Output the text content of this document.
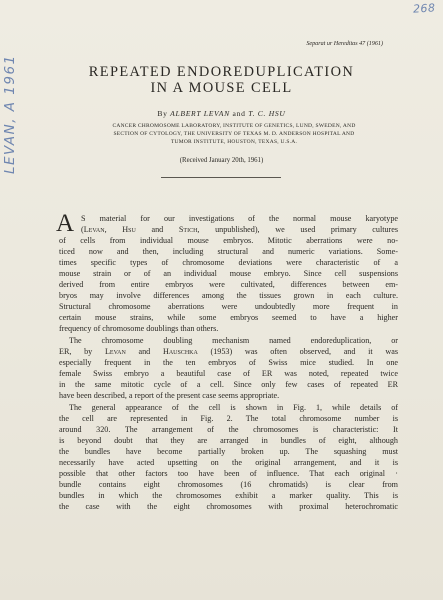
LEVAN, A 1961
268
Separat ur Hereditas 47 (1961)
REPEATED ENDOREDUPLICATION
IN A MOUSE CELL
By ALBERT LEVAN and T. C. HSU
CANCER CHROMOSOME LABORATORY, INSTITUTE OF GENETICS, LUND, SWEDEN, AND
SECTION OF CYTOLOGY, THE UNIVERSITY OF TEXAS M. D. ANDERSON HOSPITAL AND
TUMOR INSTITUTE, HOUSTON, TEXAS, U.S.A.
(Received January 20th, 1961)
A S material for our investigations of the normal mouse karyotype
(Levan, Hsu and Stich, unpublished), we used primary cultures
of cells from individual mouse embryos. Mitotic aberrations were no-
ticed now and then, including structural and numeric variations. Some-
times specific types of chromosome deviations were characteristic of a
mouse strain or of an individual mouse embryo. Since cell suspensions
derived from entire embryos were cultivated, differences between em-
bryos may involve differences among the tissues grown in each culture.
Structural chromosome aberrations were undoubtedly more frequent in
certain mouse strains, while some embryos seemed to have a higher
frequency of chromosome doublings than others.
The chromosome doubling mechanism named endoreduplication, or
ER, by Levan and Hauschka (1953) was often observed, and it was
especially frequent in the ten embryos of Swiss mice studied. In one
female Swiss embryo a beautiful case of ER was noted, repeated twice
in the same mitotic cycle of a cell. Since only few cases of repeated ER
have been described, a report of the present case seems appropriate.
The general appearance of the cell is shown in Fig. 1, while details of
the cell are represented in Fig. 2. The total chromosome number is
around 320. The arrangement of the chromosomes is characteristic: It
is beyond doubt that they are arranged in bundles of eight, although
the bundles have become partially broken up. The squashing must
necessarily have acted upsetting on the original arrangement, and it is
possible that other factors too have been of influence. That each original ·
bundle contains eight chromosomes (16 chromatids) is clear from
bundles in which the chromosomes exhibit a marker quality. This is
the case with the eight chromosomes with proximal heterochromatic
